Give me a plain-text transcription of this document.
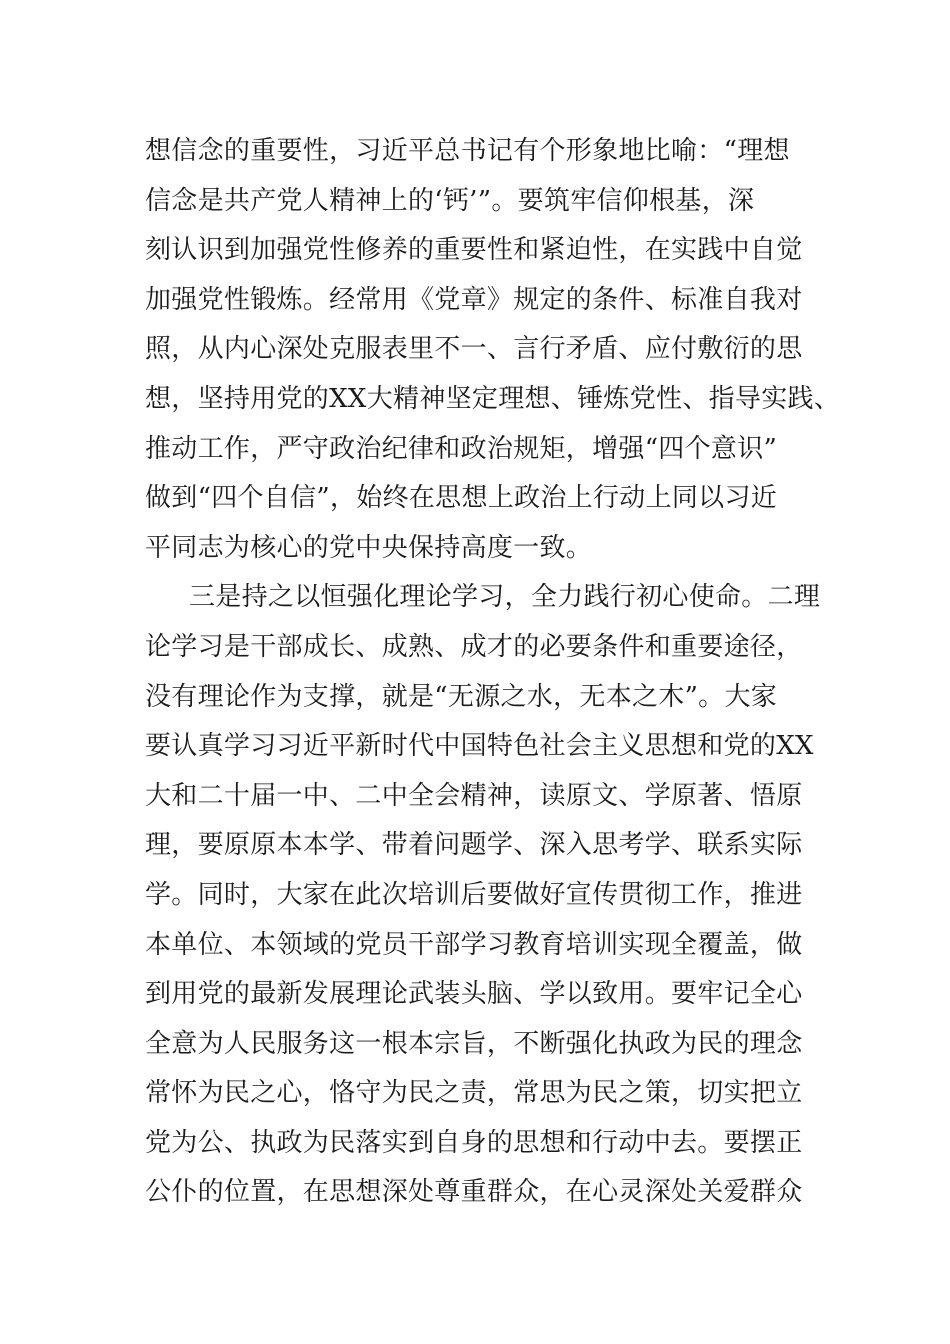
想信念的重要性，习近平总书记有个形象地比喻：“理想
信念是共产党人精神上的‘钙’”。要筑牢信仰根基，深
刻认识到加强党性修养的重要性和紧迫性，在实践中自觉
加强党性锻炼。经常用《党章》规定的条件、标准自我对
照，从内心深处克服表里不一、言行矛盾、应付敷衍的思
想，坚持用党的XX大精神坚定理想、锤炼党性、指导实践、
推动工作，严守政治纪律和政治规矩，增强“四个意识”
做到“四个自信”，始终在思想上政治上行动上同以习近
平同志为核心的党中央保持高度一致。
三是持之以恒强化理论学习，全力践行初心使命。二理
论学习是干部成长、成熟、成才的必要条件和重要途径，
没有理论作为支撑，就是“无源之水，无本之木”。大家
要认真学习习近平新时代中国特色社会主义思想和党的XX
大和二十届一中、二中全会精神，读原文、学原著、悟原
理，要原原本本学、带着问题学、深入思考学、联系实际
学。同时，大家在此次培训后要做好宣传贯彻工作，推进
本单位、本领域的党员干部学习教育培训实现全覆盖，做
到用党的最新发展理论武装头脑、学以致用。要牢记全心
全意为人民服务这一根本宗旨，不断强化执政为民的理念
常怀为民之心，恪守为民之责，常思为民之策，切实把立
党为公、执政为民落实到自身的思想和行动中去。要摆正
公仆的位置，在思想深处尊重群众，在心灵深处关爱群众
